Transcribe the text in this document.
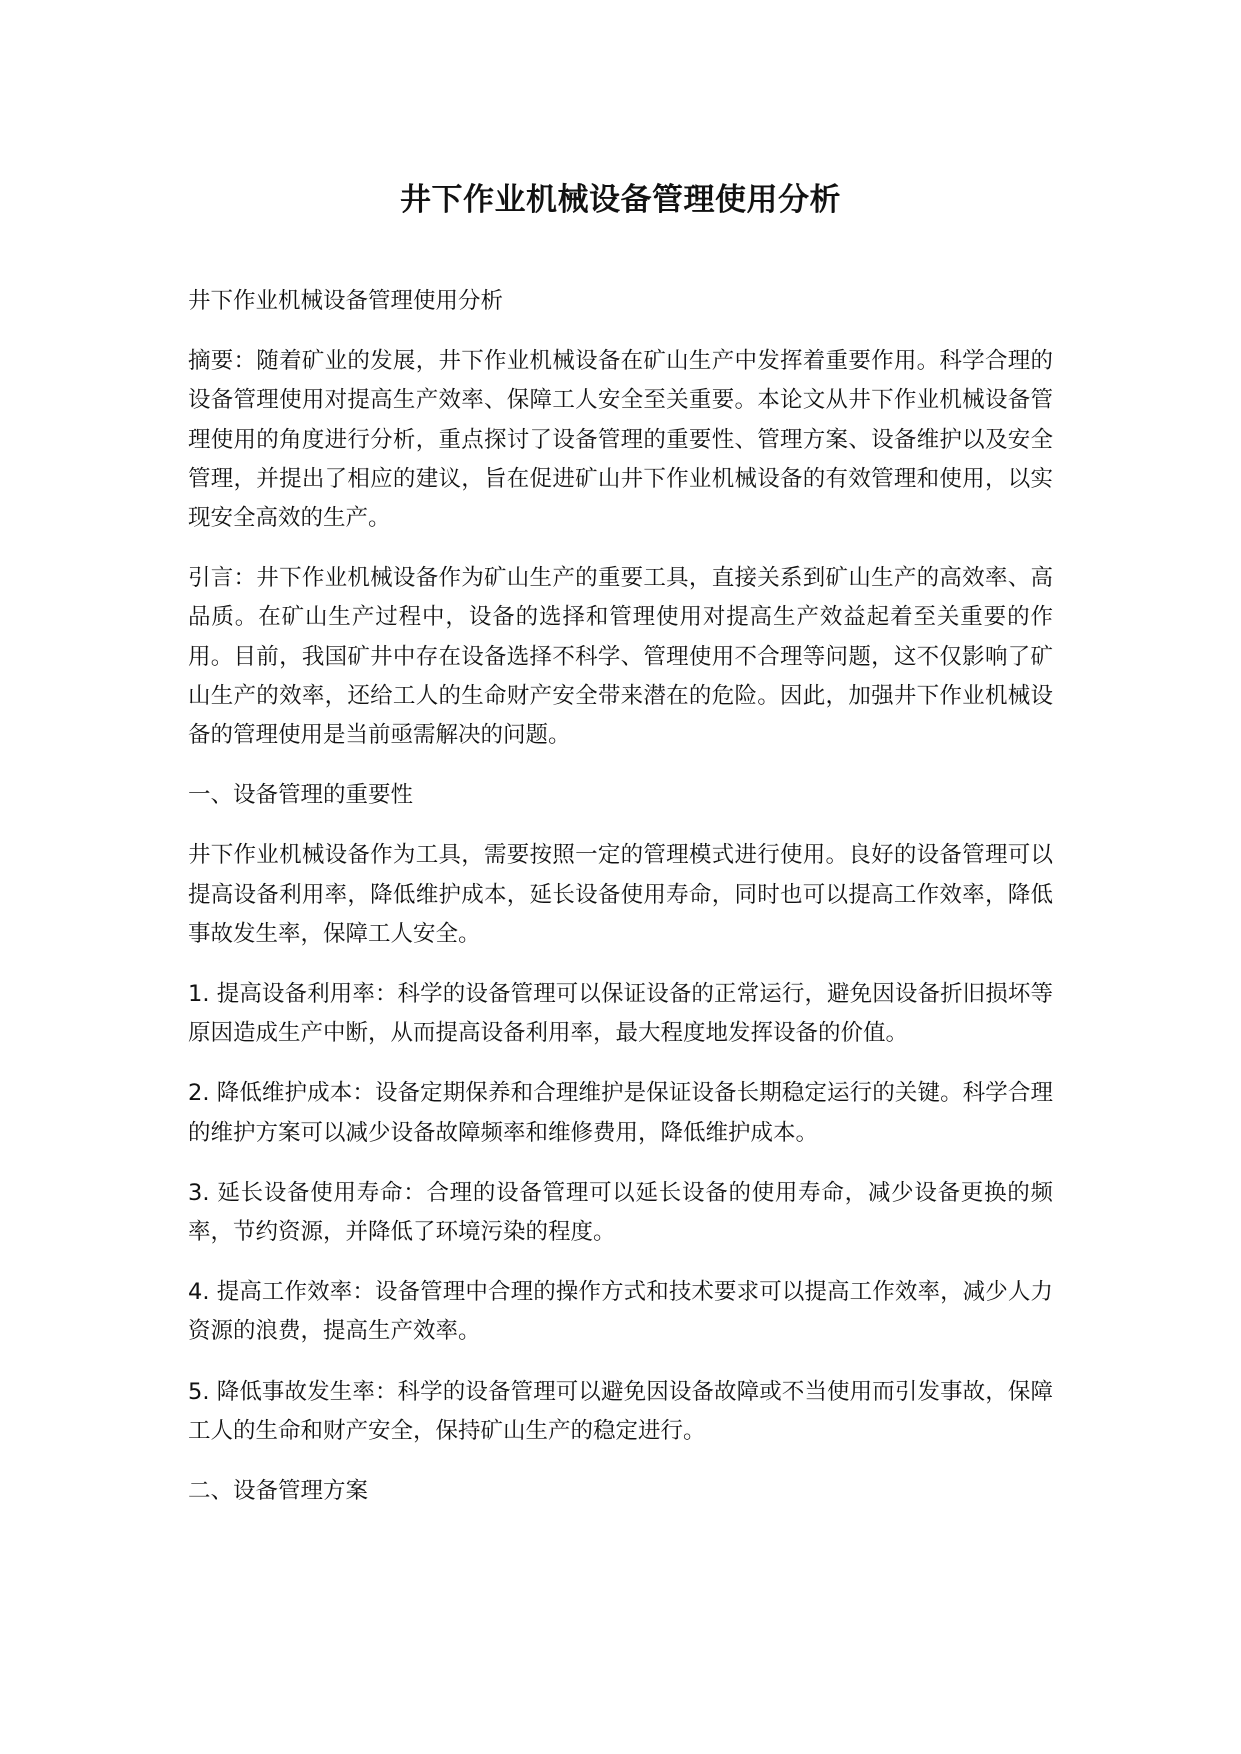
井下作业机械设备管理使用分析

井下作业机械设备管理使用分析

摘要：随着矿业的发展，井下作业机械设备在矿山生产中发挥着重要作用。科学合理的设备管理使用对提高生产效率、保障工人安全至关重要。本论文从井下作业机械设备管理使用的角度进行分析，重点探讨了设备管理的重要性、管理方案、设备维护以及安全管理，并提出了相应的建议，旨在促进矿山井下作业机械设备的有效管理和使用，以实现安全高效的生产。

引言：井下作业机械设备作为矿山生产的重要工具，直接关系到矿山生产的高效率、高品质。在矿山生产过程中，设备的选择和管理使用对提高生产效益起着至关重要的作用。目前，我国矿井中存在设备选择不科学、管理使用不合理等问题，这不仅影响了矿山生产的效率，还给工人的生命财产安全带来潜在的危险。因此，加强井下作业机械设备的管理使用是当前亟需解决的问题。

一、设备管理的重要性

井下作业机械设备作为工具，需要按照一定的管理模式进行使用。良好的设备管理可以提高设备利用率，降低维护成本，延长设备使用寿命，同时也可以提高工作效率，降低事故发生率，保障工人安全。

1. 提高设备利用率：科学的设备管理可以保证设备的正常运行，避免因设备折旧损坏等原因造成生产中断，从而提高设备利用率，最大程度地发挥设备的价值。

2. 降低维护成本：设备定期保养和合理维护是保证设备长期稳定运行的关键。科学合理的维护方案可以减少设备故障频率和维修费用，降低维护成本。

3. 延长设备使用寿命：合理的设备管理可以延长设备的使用寿命，减少设备更换的频率，节约资源，并降低了环境污染的程度。

4. 提高工作效率：设备管理中合理的操作方式和技术要求可以提高工作效率，减少人力资源的浪费，提高生产效率。

5. 降低事故发生率：科学的设备管理可以避免因设备故障或不当使用而引发事故，保障工人的生命和财产安全，保持矿山生产的稳定进行。

二、设备管理方案
